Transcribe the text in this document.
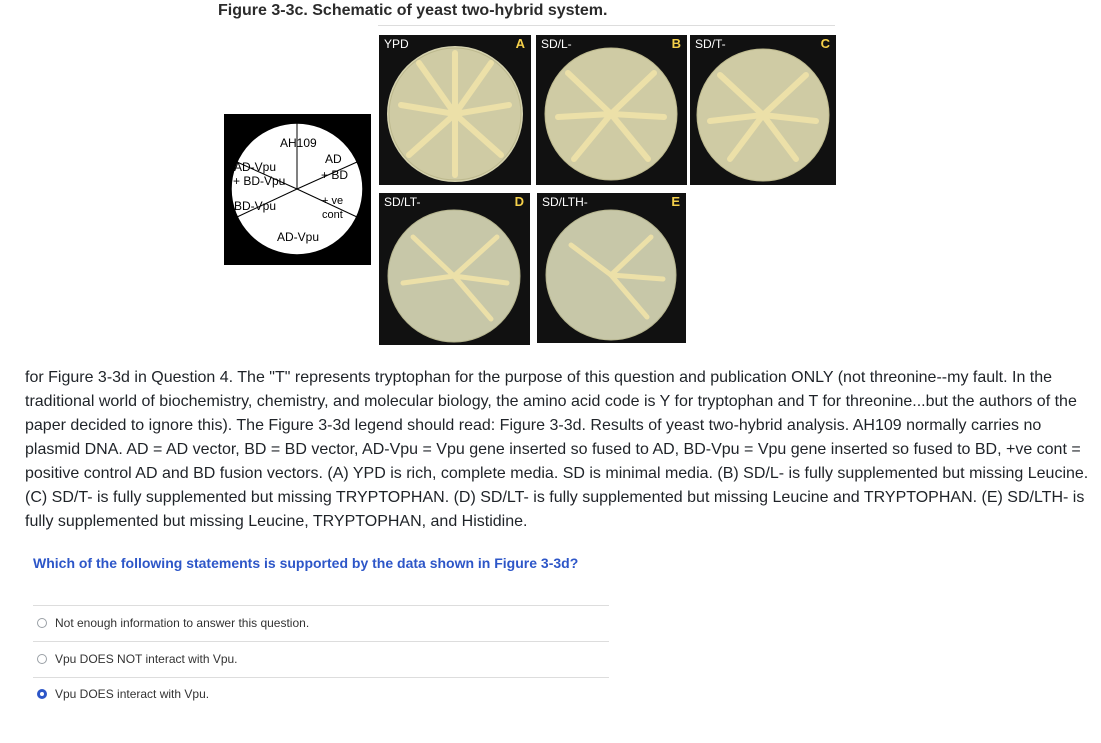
Figure 3-3c. Schematic of yeast two-hybrid system.
AH109
AD
+ BD
AD-Vpu
+ BD-Vpu
BD-Vpu	+ ve
cont
AD-Vpu
YPD	A SD/L-	B SD/T-	C
SD/LT-	D SD/LTH-	E
for Figure 3-3d in Question 4. The "T" represents tryptophan for the purpose of this question and publication ONLY (not threonine--my fault. In the traditional world of biochemistry, chemistry, and molecular biology, the amino acid code is Y for tryptophan and T for threonine...but the authors of the paper decided to ignore this). The Figure 3-3d legend should read: Figure 3-3d. Results of yeast two-hybrid analysis. AH109 normally carries no plasmid DNA. AD = AD vector, BD = BD vector, AD-Vpu = Vpu gene inserted so fused to AD, BD-Vpu = Vpu gene inserted so fused to BD, +ve cont = positive control AD and BD fusion vectors. (A) YPD is rich, complete media. SD is minimal media. (B) SD/L- is fully supplemented but missing Leucine. (C) SD/T- is fully supplemented but missing TRYPTOPHAN. (D) SD/LT- is fully supplemented but missing Leucine and TRYPTOPHAN. (E) SD/LTH- is fully supplemented but missing Leucine, TRYPTOPHAN, and Histidine.
Which of the following statements is supported by the data shown in Figure 3-3d?
Not enough information to answer this question.
Vpu DOES NOT interact with Vpu.
Vpu DOES interact with Vpu.
